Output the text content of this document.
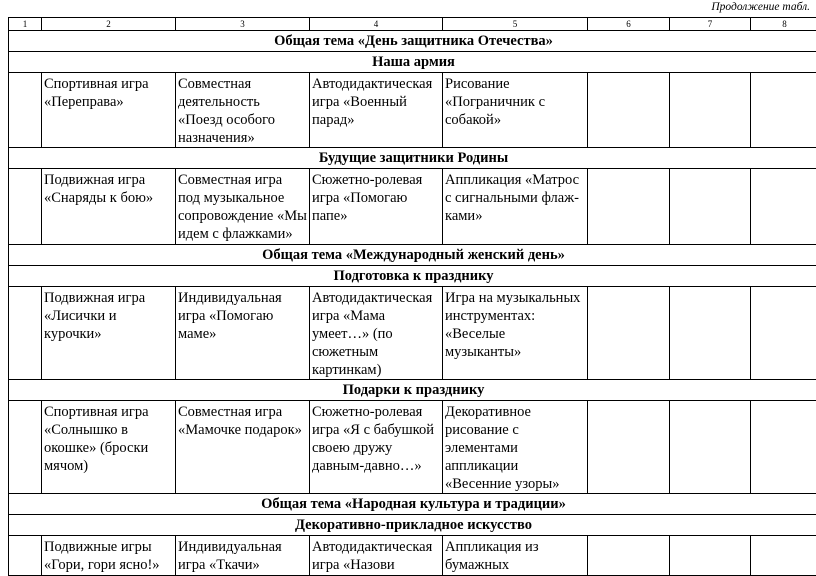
Продолжение табл.
1	2	3	4	5	6	7	8
Общая тема «День защитника Отечества»							
Наша армия							
	Спортивная игра «Переправа»	Совместная деятельность «Поезд особого назначения»	Автодидактическая игра «Военный парад»	Рисование «Пограничник с собакой»			
Будущие защитники Родины							
	Подвижная игра «Снаряды к бою»	Совместная игра под музыкальное сопровождение «Мы идем с флажками»	Сюжетно-ролевая игра «Помогаю папе»	Аппликация «Матрос с сигнальными флаж-ками»			
Общая тема «Международный женский день»							
Подготовка к празднику							
	Подвижная игра «Лисички и курочки»	Индивидуальная игра «Помогаю маме»	Автодидактическая игра «Мама умеет…» (по сюжетным картинкам)	Игра на музыкальных инструментах: «Веселые музыканты»			
Подарки к празднику							
	Спортивная игра «Солнышко в окошке» (броски мячом)	Совместная игра «Мамочке подарок»	Сюжетно-ролевая игра «Я с бабушкой своею дружу давным-давно…»	Декоративное рисование с элементами аппликации «Весенние узоры»			
Общая тема «Народная культура и традиции»							
Декоративно-прикладное искусство							
	Подвижные игры «Гори, гори ясно!»	Индивидуальная игра «Ткачи»	Автодидактическая игра «Назови	Аппликация из бумажных			
